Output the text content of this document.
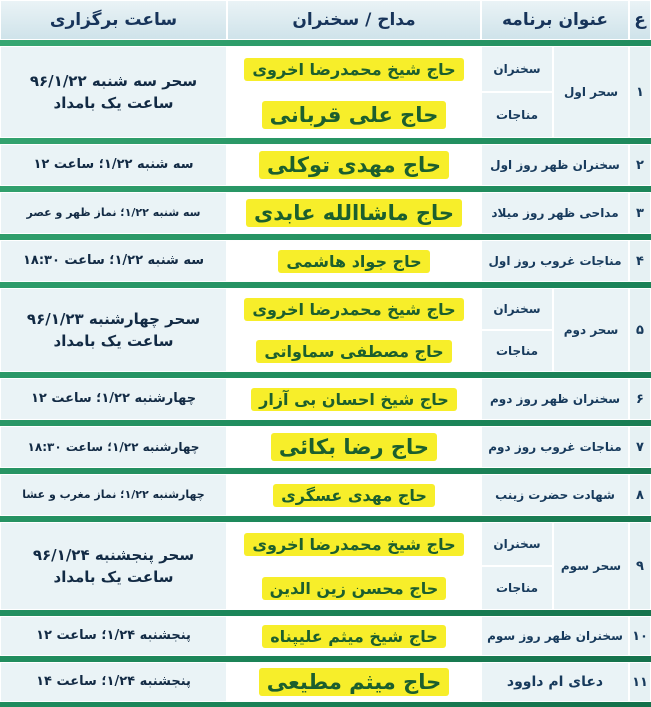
ع	عنوان برنامه		مداح / سخنران	ساعت برگزاری

۱	سحر اول	سخنران	حاج شیخ محمدرضا اخروی	سحر سه شنبه ۹۶/۱/۲۲
ساعت یک بامداد

		مناجات	حاج علی قربانی	

۲	سخنران ظهر روز اول		حاج مهدی توکلی	سه شنبه ۱/۲۲؛ ساعت ۱۲

۳	مداحی ظهر روز میلاد		حاج ماشاالله عابدی	سه شنبه ۱/۲۲؛ نماز ظهر و عصر

۴	مناجات غروب روز اول		حاج جواد هاشمی	سه شنبه ۱/۲۲؛ ساعت ۱۸:۳۰

۵	سحر دوم	سخنران	حاج شیخ محمدرضا اخروی	سحر چهارشنبه ۹۶/۱/۲۳
ساعت یک بامداد

		مناجات	حاج مصطفی سماواتی	

۶	سخنران ظهر روز دوم		حاج شیخ احسان بی آزار	چهارشنبه ۱/۲۲؛ ساعت ۱۲

۷	مناجات غروب روز دوم		حاج رضا بکائی	چهارشنبه ۱/۲۲؛ ساعت ۱۸:۳۰

۸	شهادت حضرت زینب		حاج مهدی عسگری	چهارشنبه ۱/۲۲؛ نماز مغرب و عشا

۹	سحر سوم	سخنران	حاج شیخ محمدرضا اخروی	سحر پنجشنبه ۹۶/۱/۲۴
ساعت یک بامداد

		مناجات	حاج محسن زین الدین	

۱۰	سخنران ظهر روز سوم		حاج شیخ میثم علیپناه	پنجشنبه ۱/۲۴؛ ساعت ۱۲

۱۱	دعای ام داوود		حاج میثم مطیعی	پنجشنبه ۱/۲۴؛ ساعت ۱۴
